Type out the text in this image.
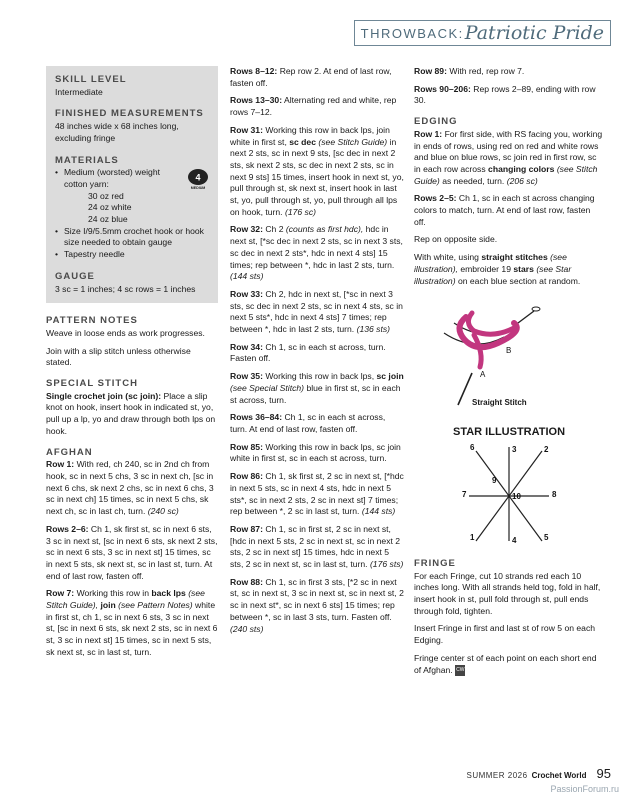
THROWBACK: Patriotic Pride
SKILL LEVEL

Intermediate

FINISHED MEASUREMENTS

48 inches wide x 68 inches long, excluding fringe

MATERIALS
• Medium (worsted) weight
cotton yarn:
4
MEDIUM
30 oz red
24 oz white
24 oz blue
• Size I/9/5.5mm crochet hook or hook size needed to obtain gauge
• Tapestry needle
GAUGE

3 sc = 1 inches; 4 sc rows = 1 inches

PATTERN NOTES

Weave in loose ends as work progresses.

Join with a slip stitch unless otherwise stated.

SPECIAL STITCH

Single crochet join (sc join): Place a slip knot on hook, insert hook in indicated st, yo, pull up a lp, yo and draw through both lps on hook.

AFGHAN

Row 1: With red, ch 240, sc in 2nd ch from hook, sc in next 5 chs, 3 sc in next ch, [sc in next 6 chs, sk next 2 chs, sc in next 6 chs, 3 sc in next ch] 15 times, sc in next 5 chs, sk next ch, sc in last ch, turn. (240 sc)

Rows 2–6: Ch 1, sk first st, sc in next 6 sts, 3 sc in next st, [sc in next 6 sts, sk next 2 sts, sc in next 6 sts, 3 sc in next st] 15 times, sc in next 5 sts, sk next st, sc in last st, turn. At end of last row, fasten off.

Row 7: Working this row in back lps (see Stitch Guide), join (see Pattern Notes) white in first st, ch 1, sc in next 6 sts, 3 sc in next st, [sc in next 6 sts, sk next 2 sts, sc in next 6 st, 3 sc in next st] 15 times, sc in next 5 sts, sk next st, sc in last st, turn.

Rows 8–12: Rep row 2. At end of last row, fasten off.

Rows 13–30: Alternating red and white, rep rows 7–12.

Row 31: Working this row in back lps, join white in first st, sc dec (see Stitch Guide) in next 2 sts, sc in next 9 sts, [sc dec in next 2 sts, sk next 2 sts, sc dec in next 2 sts, sc in next 9 sts] 15 times, insert hook in next st, yo, pull through st, sk next st, insert hook in last st, yo, pull through st, yo, pull through all lps on hook, turn. (176 sc)

Row 32: Ch 2 (counts as first hdc), hdc in next st, [*sc dec in next 2 sts, sc in next 3 sts, sc dec in next 2 sts*, hdc in next 4 sts] 15 times; rep between *, hdc in last 2 sts, turn. (144 sts)

Row 33: Ch 2, hdc in next st, [*sc in next 3 sts, sc dec in next 2 sts, sc in next 4 sts, sc in next 5 sts*, hdc in next 4 sts] 7 times; rep between *, hdc in last 2 sts, turn. (136 sts)

Row 34: Ch 1, sc in each st across, turn. Fasten off.

Row 35: Working this row in back lps, sc join (see Special Stitch) blue in first st, sc in each st across, turn.

Rows 36–84: Ch 1, sc in each st across, turn. At end of last row, fasten off.

Row 85: Working this row in back lps, sc join white in first st, sc in each st across, turn.

Row 86: Ch 1, sk first st, 2 sc in next st, [*hdc in next 5 sts, sc in next 4 sts, hdc in next 5 sts*, sc in next 2 sts, 2 sc in next st] 7 times; rep between *, 2 sc in last st, turn. (144 sts)

Row 87: Ch 1, sc in first st, 2 sc in next st, [hdc in next 5 sts, 2 sc in next st, sc in next 2 sts, 2 sc in next st] 15 times, hdc in next 5 sts, 2 sc in next st, sc in last st, turn. (176 sts)

Row 88: Ch 1, sc in first 3 sts, [*2 sc in next st, sc in next st, 3 sc in next st, sc in next st, 2 sc in next st*, sc in next 6 sts] 15 times; rep between *, sc in last 3 sts, turn. Fasten off. (240 sts)

Row 89: With red, rep row 7.

Rows 90–206: Rep rows 2–89, ending with row 30.

EDGING

Row 1: For first side, with RS facing you, working in ends of rows, using red on red and white rows and blue on blue rows, sc join red in first row, sc in each row across changing colors (see Stitch Guide) as needed, turn. (206 sc)

Rows 2–5: Ch 1, sc in each st across changing colors to match, turn. At end of last row, fasten off.

Rep on opposite side.

With white, using straight stitches (see illustration), embroider 19 stars (see Star illustration) on each blue section at random.

A
B
Straight Stitch
STAR ILLUSTRATION
6	3	2
9
7	10	8
1	4	5
FRINGE

For each Fringe, cut 10 strands red each 10 inches long. With all strands held tog, fold in half, insert hook in st, pull fold through st, pull ends through fold, tighten.

Insert Fringe in first and last st of row 5 on each Edging.

Fringe center st of each point on each short end of Afghan. CW

SUMMER 2026 Crochet World 95
PassionForum.ru
